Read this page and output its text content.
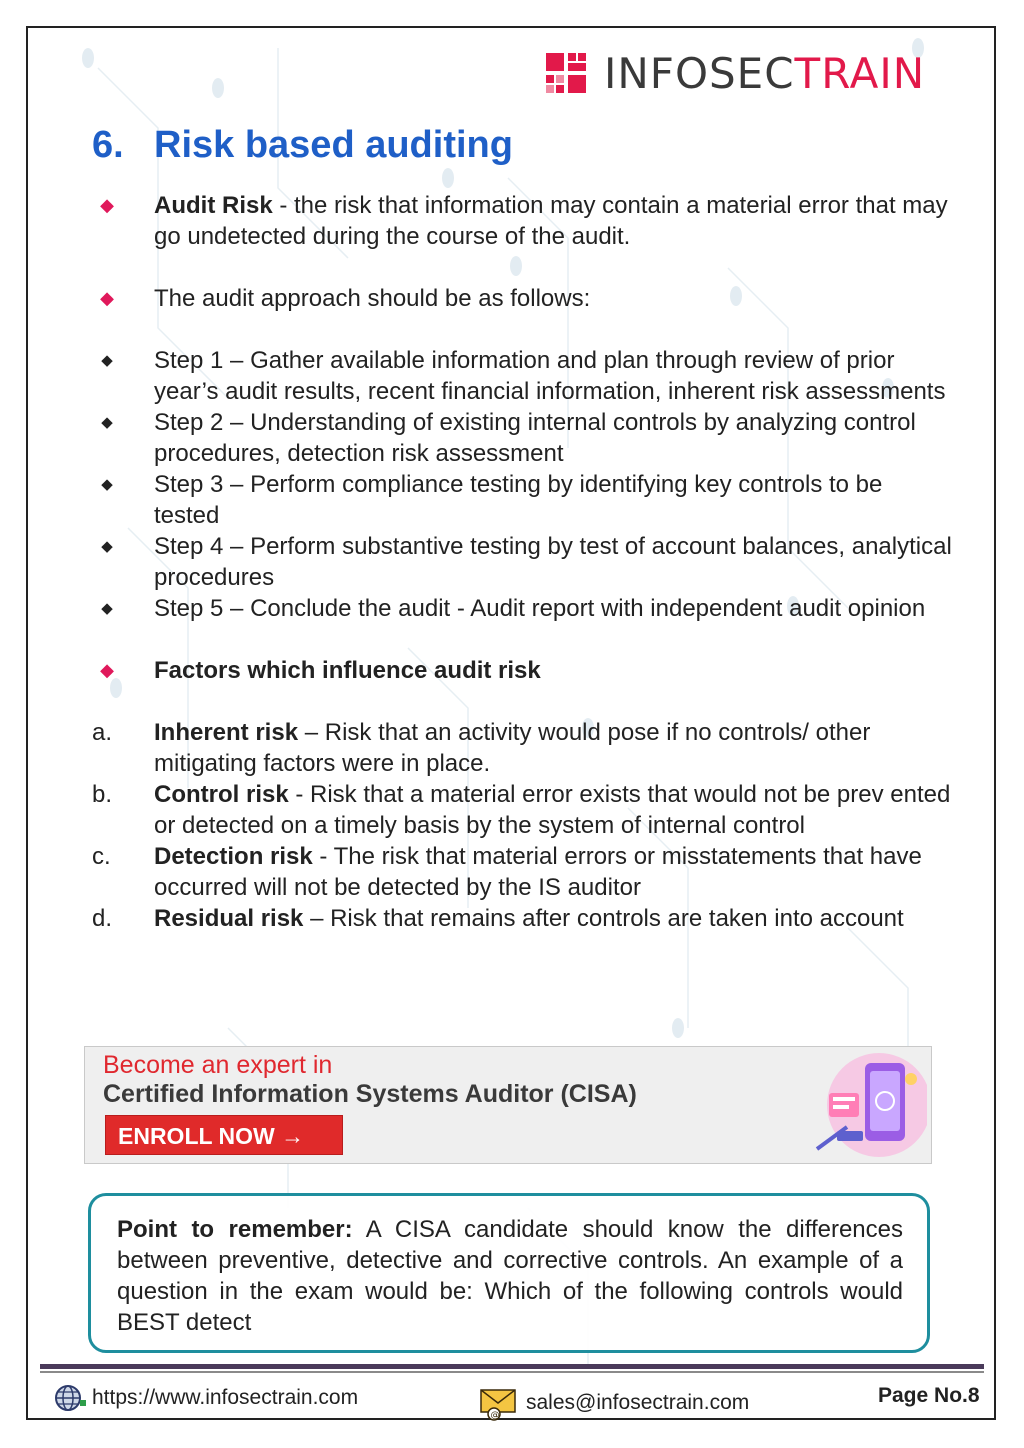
INFOSECTRAIN
6. Risk based auditing
◆	Audit Risk - the risk that information may contain a material error that may go undetected during the course of the audit.
◆	The audit approach should be as follows:
◆	Step 1 – Gather available information and plan through review of prior year’s audit results, recent financial information, inherent risk assessments
◆	Step 2 – Understanding of existing internal controls by analyzing control procedures, detection risk assessment
◆	Step 3 – Perform compliance testing by identifying key controls to be tested
◆	Step 4 – Perform substantive testing by test of account balances, analytical procedures
◆	Step 5 – Conclude the audit - Audit report with independent audit opinion
◆	Factors which influence audit risk
a. Inherent risk – Risk that an activity would pose if no controls/ other mitigating factors were in place.
b. Control risk - Risk that a material error exists that would not be prev ented or detected on a timely basis by the system of internal control
c. Detection risk - The risk that material errors or misstatements that have occurred will not be detected by the IS auditor
d. Residual risk – Risk that remains after controls are taken into account
Become an expert in
Certified Information Systems Auditor (CISA)
ENROLL NOW →
Point to remember: A CISA candidate should know the differences between preventive, detective and corrective controls. An example of a question in the exam would be: Which of the following controls would BEST detect
https://www.infosectrain.com
@
sales@infosectrain.com	Page No.8
